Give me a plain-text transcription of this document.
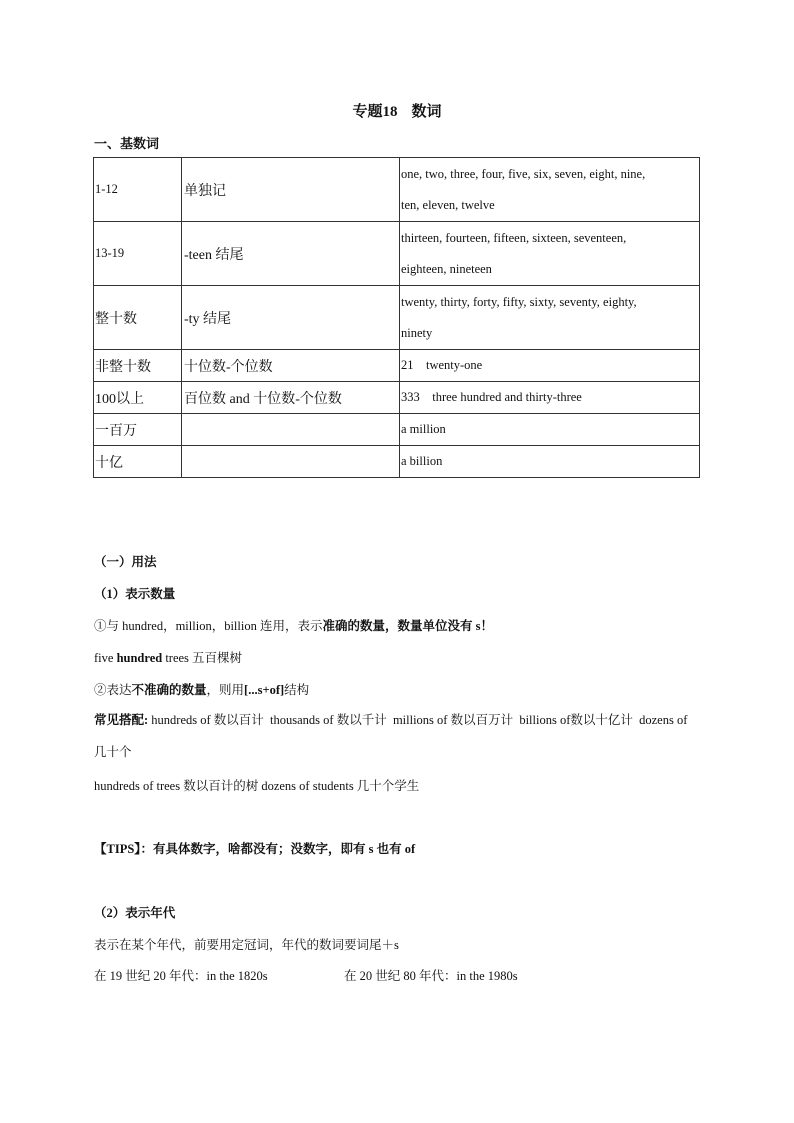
专题18 数词
一、基数词
1-12	单独记	one, two, three, four, five, six, seven, eight, nine,
ten, eleven, twelve
13-19	-teen 结尾	thirteen, fourteen, fifteen, sixteen, seventeen,
eighteen, nineteen
整十数	-ty 结尾	twenty, thirty, forty, fifty, sixty, seventy, eighty,
ninety
非整十数	十位数-个位数	21    twenty-one
100以上	百位数 and 十位数-个位数	333    three hundred and thirty-three
一百万		a million
十亿		a billion
（一）用法
（1）表示数量
①与 hundred，million，billion 连用，表示准确的数量，数量单位没有 s！
five hundred trees 五百棵树
②表达不准确的数量，则用[...s+of]结构
常见搭配: hundreds of 数以百计  thousands of 数以千计  millions of 数以百万计  billions of数以十亿计  dozens of 几十个
hundreds of trees 数以百计的树 dozens of students 几十个学生
【TIPS】：有具体数字，啥都没有；没数字，即有 s 也有 of
（2）表示年代
表示在某个年代，前要用定冠词，年代的数词要词尾＋s
在 19 世纪 20 年代：in the 1820s	在 20 世纪 80 年代：in the 1980s
